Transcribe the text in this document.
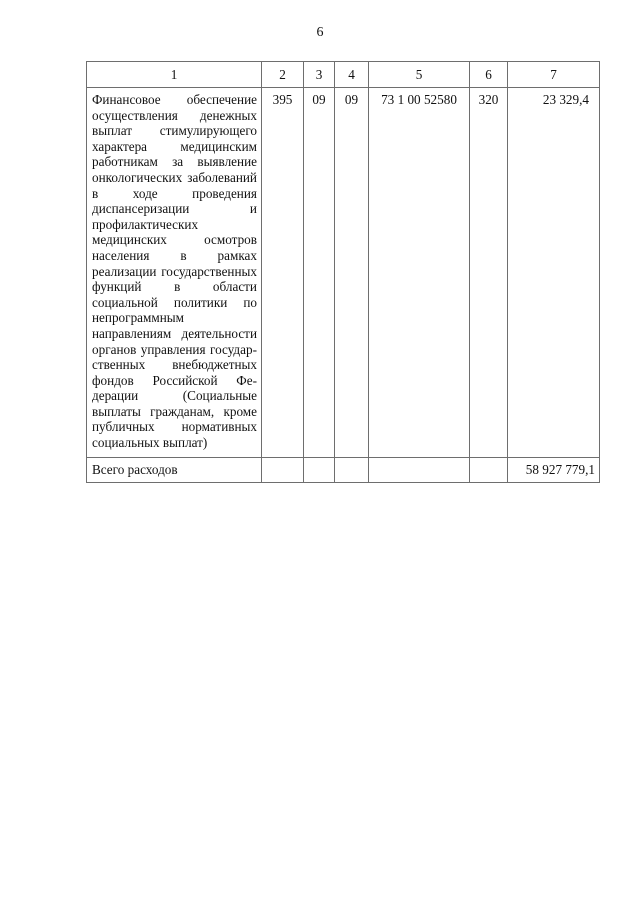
6
1	2	3	4	5	6	7
Финансовое обеспечение осуществления денежных выплат стимулирующего характера медицинским работникам за выявление онкологических заболеваний в ходе проведения диспансеризации и профилактических медицинских осмотров населения в рамках реализации государственных функций в области социальной политики по непрограммным направлениям деятельности органов управления государственных внебюджетных фондов Российской Федерации (Социальные выплаты гражданам, кроме публичных нормативных социальных выплат)	395	09	09	73 1 00 52580	320	23 329,4
Всего расходов						58 927 779,1
